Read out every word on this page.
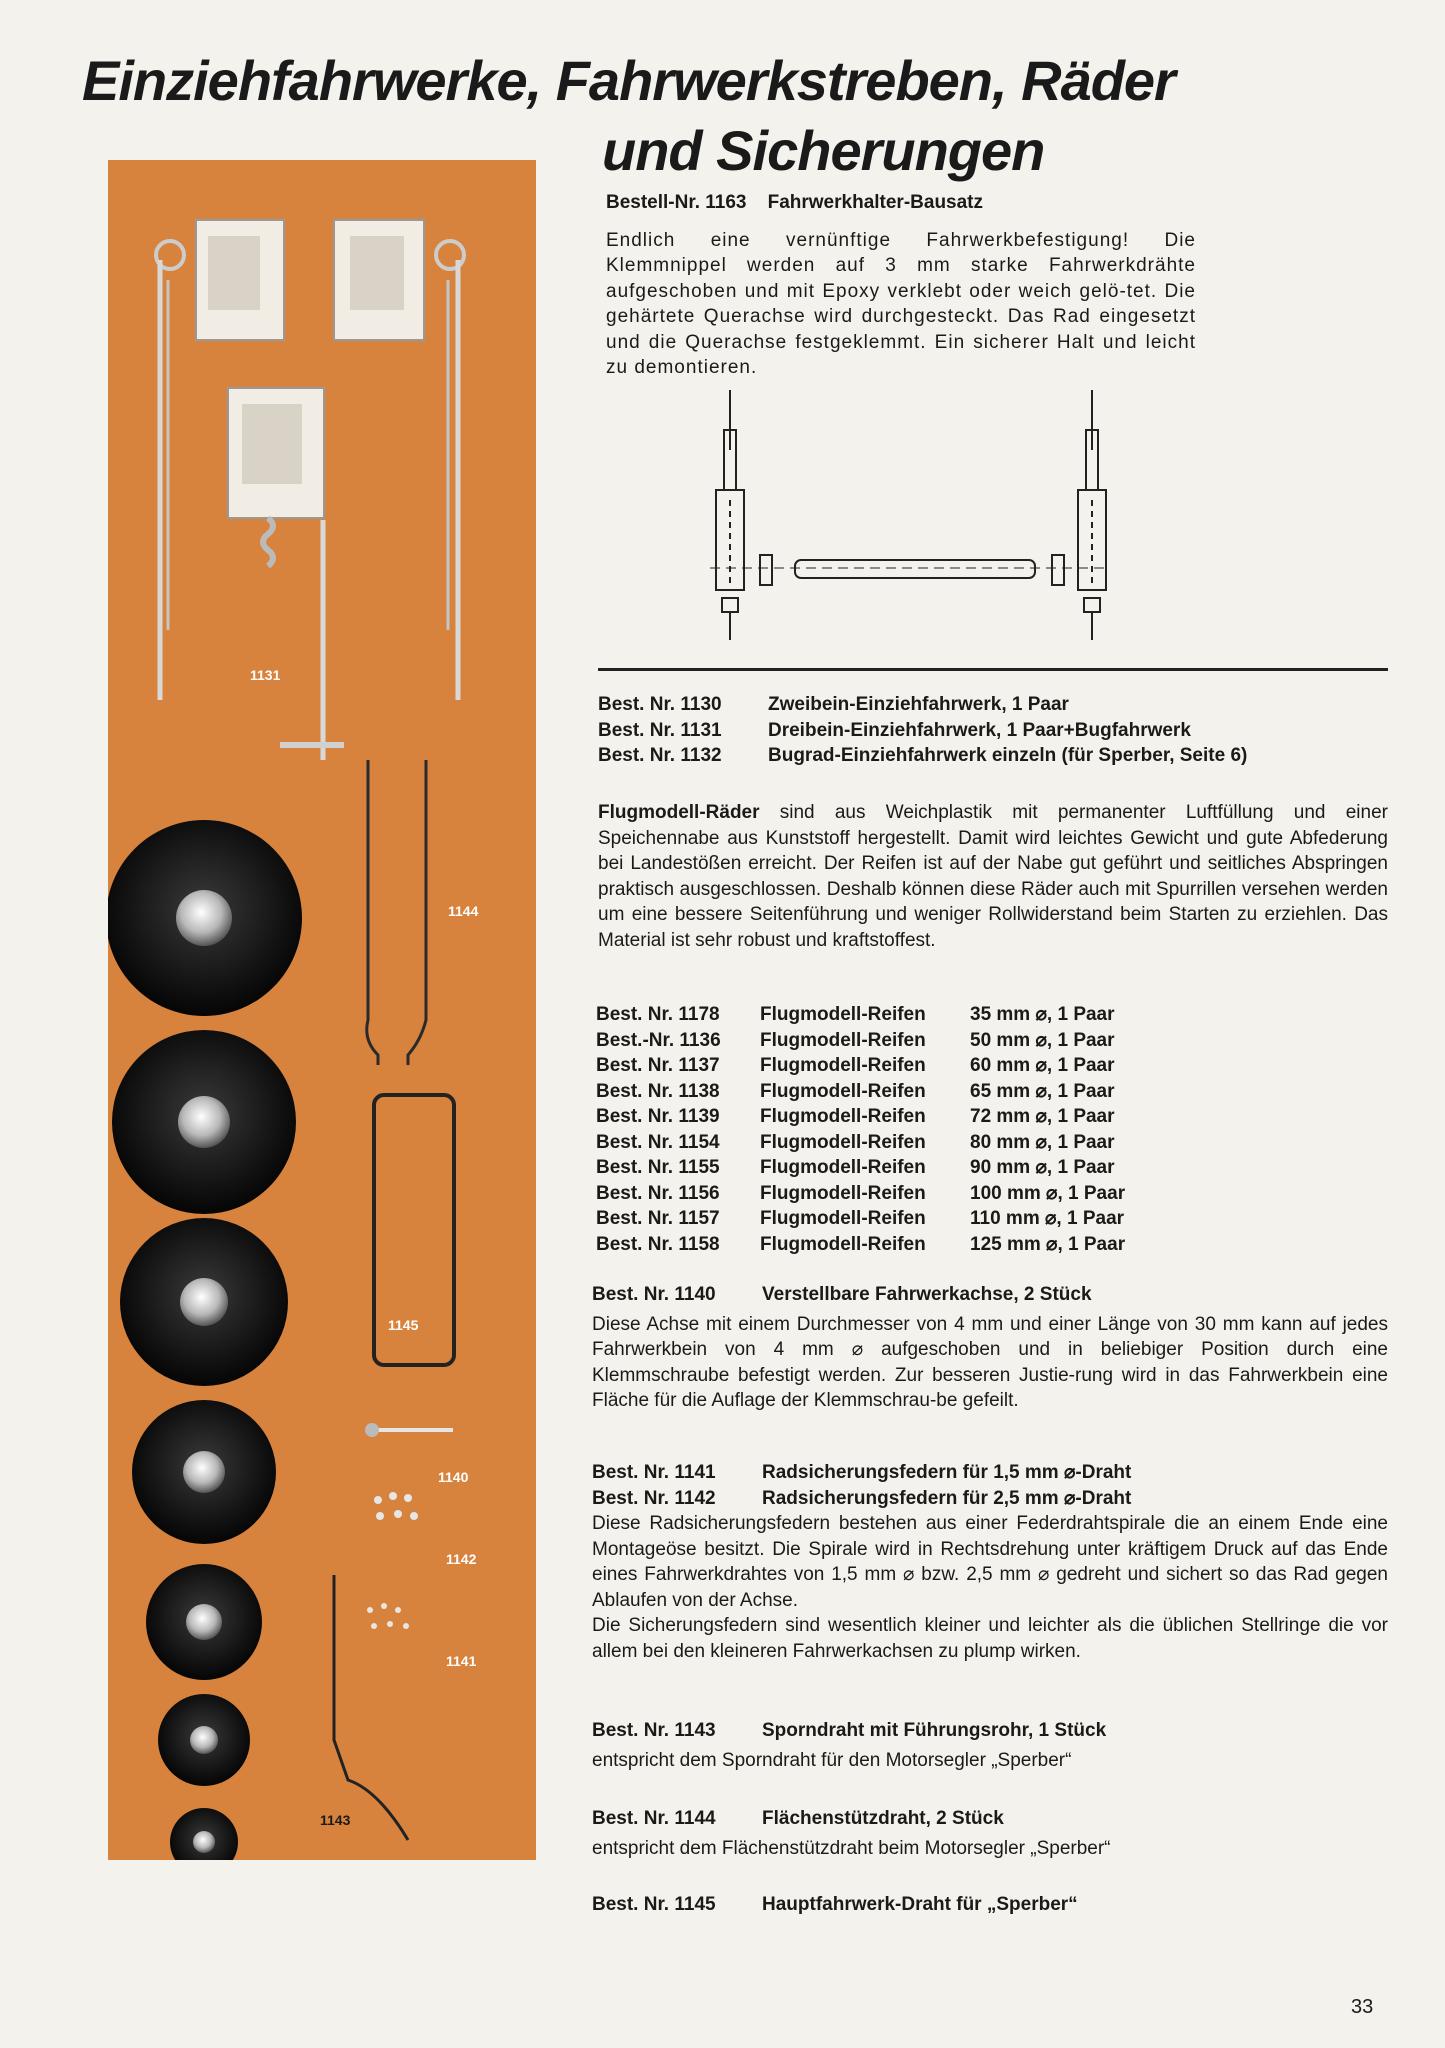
Einziehfahrwerke, Fahrwerkstreben, Räder
und Sicherungen
1131
1144
1145
1140
1142
1141
1143
Bestell-Nr. 1163 Fahrwerkhalter-Bausatz
Endlich eine vernünftige Fahrwerkbefestigung! Die Klemmnippel werden auf 3 mm starke Fahrwerkdrähte aufgeschoben und mit Epoxy verklebt oder weich gelö-tet. Die gehärtete Querachse wird durchgesteckt. Das Rad eingesetzt und die Querachse festgeklemmt. Ein sicherer Halt und leicht zu demontieren.
Best. Nr. 1130	Zweibein-Einziehfahrwerk, 1 Paar
Best. Nr. 1131	Dreibein-Einziehfahrwerk, 1 Paar+Bugfahrwerk
Best. Nr. 1132	Bugrad-Einziehfahrwerk einzeln (für Sperber, Seite 6)
Flugmodell-Räder sind aus Weichplastik mit permanenter Luftfüllung und einer Speichennabe aus Kunststoff hergestellt. Damit wird leichtes Gewicht und gute Abfederung bei Landestößen erreicht. Der Reifen ist auf der Nabe gut geführt und seitliches Abspringen praktisch ausgeschlossen. Deshalb können diese Räder auch mit Spurrillen versehen werden um eine bessere Seitenführung und weniger Rollwiderstand beim Starten zu erziehlen. Das Material ist sehr robust und kraftstoffest.
Best. Nr. 1178	Flugmodell-Reifen	35 mm ⌀, 1 Paar
Best.-Nr. 1136	Flugmodell-Reifen	50 mm ⌀, 1 Paar
Best. Nr. 1137	Flugmodell-Reifen	60 mm ⌀, 1 Paar
Best. Nr. 1138	Flugmodell-Reifen	65 mm ⌀, 1 Paar
Best. Nr. 1139	Flugmodell-Reifen	72 mm ⌀, 1 Paar
Best. Nr. 1154	Flugmodell-Reifen	80 mm ⌀, 1 Paar
Best. Nr. 1155	Flugmodell-Reifen	90 mm ⌀, 1 Paar
Best. Nr. 1156	Flugmodell-Reifen	100 mm ⌀, 1 Paar
Best. Nr. 1157	Flugmodell-Reifen	110 mm ⌀, 1 Paar
Best. Nr. 1158	Flugmodell-Reifen	125 mm ⌀, 1 Paar
Best. Nr. 1140	Verstellbare Fahrwerkachse, 2 Stück
Diese Achse mit einem Durchmesser von 4 mm und einer Länge von 30 mm kann auf jedes Fahrwerkbein von 4 mm ⌀ aufgeschoben und in beliebiger Position durch eine Klemmschraube befestigt werden. Zur besseren Justie-rung wird in das Fahrwerkbein eine Fläche für die Auflage der Klemmschrau-be gefeilt.
Best. Nr. 1141	Radsicherungsfedern für 1,5 mm ⌀-Draht
Best. Nr. 1142	Radsicherungsfedern für 2,5 mm ⌀-Draht
Diese Radsicherungsfedern bestehen aus einer Federdrahtspirale die an einem Ende eine Montageöse besitzt. Die Spirale wird in Rechtsdrehung unter kräftigem Druck auf das Ende eines Fahrwerkdrahtes von 1,5 mm ⌀ bzw. 2,5 mm ⌀ gedreht und sichert so das Rad gegen Ablaufen von der Achse.
Die Sicherungsfedern sind wesentlich kleiner und leichter als die üblichen Stellringe die vor allem bei den kleineren Fahrwerkachsen zu plump wirken.
Best. Nr. 1143	Sporndraht mit Führungsrohr, 1 Stück
entspricht dem Sporndraht für den Motorsegler „Sperber“
Best. Nr. 1144	Flächenstützdraht, 2 Stück
entspricht dem Flächenstützdraht beim Motorsegler „Sperber“
Best. Nr. 1145	Hauptfahrwerk-Draht für „Sperber“
33
